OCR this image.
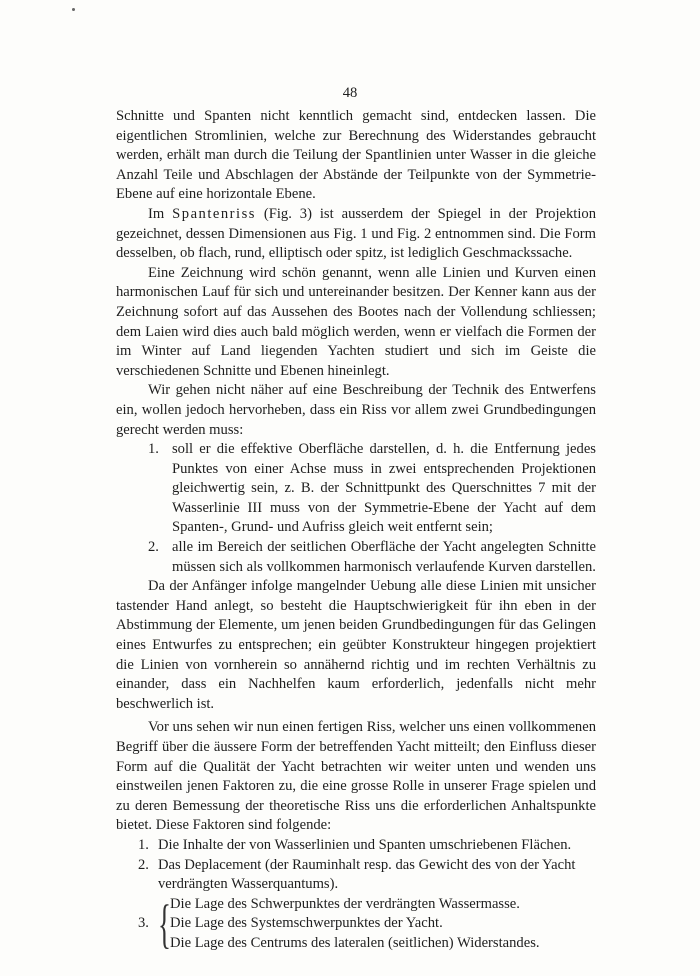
48

Schnitte und Spanten nicht kenntlich gemacht sind, entdecken lassen. Die eigentlichen Stromlinien, welche zur Berechnung des Widerstandes gebraucht werden, erhält man durch die Teilung der Spantlinien unter Wasser in die gleiche Anzahl Teile und Abschlagen der Abstände der Teilpunkte von der Symmetrie-Ebene auf eine horizontale Ebene.

Im Spantenriss (Fig. 3) ist ausserdem der Spiegel in der Projektion gezeichnet, dessen Dimensionen aus Fig. 1 und Fig. 2 entnommen sind. Die Form desselben, ob flach, rund, elliptisch oder spitz, ist lediglich Geschmackssache.

Eine Zeichnung wird schön genannt, wenn alle Linien und Kurven einen harmonischen Lauf für sich und untereinander besitzen. Der Kenner kann aus der Zeichnung sofort auf das Aussehen des Bootes nach der Vollendung schliessen; dem Laien wird dies auch bald möglich werden, wenn er vielfach die Formen der im Winter auf Land liegenden Yachten studiert und sich im Geiste die verschiedenen Schnitte und Ebenen hineinlegt.

Wir gehen nicht näher auf eine Beschreibung der Technik des Entwerfens ein, wollen jedoch hervorheben, dass ein Riss vor allem zwei Grundbedingungen gerecht werden muss:

1. soll er die effektive Oberfläche darstellen, d. h. die Entfernung jedes Punktes von einer Achse muss in zwei entsprechenden Projektionen gleichwertig sein, z. B. der Schnittpunkt des Querschnittes 7 mit der Wasserlinie III muss von der Symmetrie-Ebene der Yacht auf dem Spanten-, Grund- und Aufriss gleich weit entfernt sein;
2. alle im Bereich der seitlichen Oberfläche der Yacht angelegten Schnitte müssen sich als vollkommen harmonisch verlaufende Kurven darstellen.

Da der Anfänger infolge mangelnder Uebung alle diese Linien mit unsicher tastender Hand anlegt, so besteht die Hauptschwierigkeit für ihn eben in der Abstimmung der Elemente, um jenen beiden Grundbedingungen für das Gelingen eines Entwurfes zu entsprechen; ein geübter Konstrukteur hingegen projektiert die Linien von vornherein so annähernd richtig und im rechten Verhältnis zu einander, dass ein Nachhelfen kaum erforderlich, jedenfalls nicht mehr beschwerlich ist.

Vor uns sehen wir nun einen fertigen Riss, welcher uns einen vollkommenen Begriff über die äussere Form der betreffenden Yacht mitteilt; den Einfluss dieser Form auf die Qualität der Yacht betrachten wir weiter unten und wenden uns einstweilen jenen Faktoren zu, die eine grosse Rolle in unserer Frage spielen und zu deren Bemessung der theoretische Riss uns die erforderlichen Anhaltspunkte bietet. Diese Faktoren sind folgende:

1. Die Inhalte der von Wasserlinien und Spanten umschriebenen Flächen.
2. Das Deplacement (der Rauminhalt resp. das Gewicht des von der Yacht verdrängten Wasserquantums).
3. { Die Lage des Schwerpunktes der verdrängten Wassermasse.
Die Lage des Systemschwerpunktes der Yacht.
Die Lage des Centrums des lateralen (seitlichen) Widerstandes.
